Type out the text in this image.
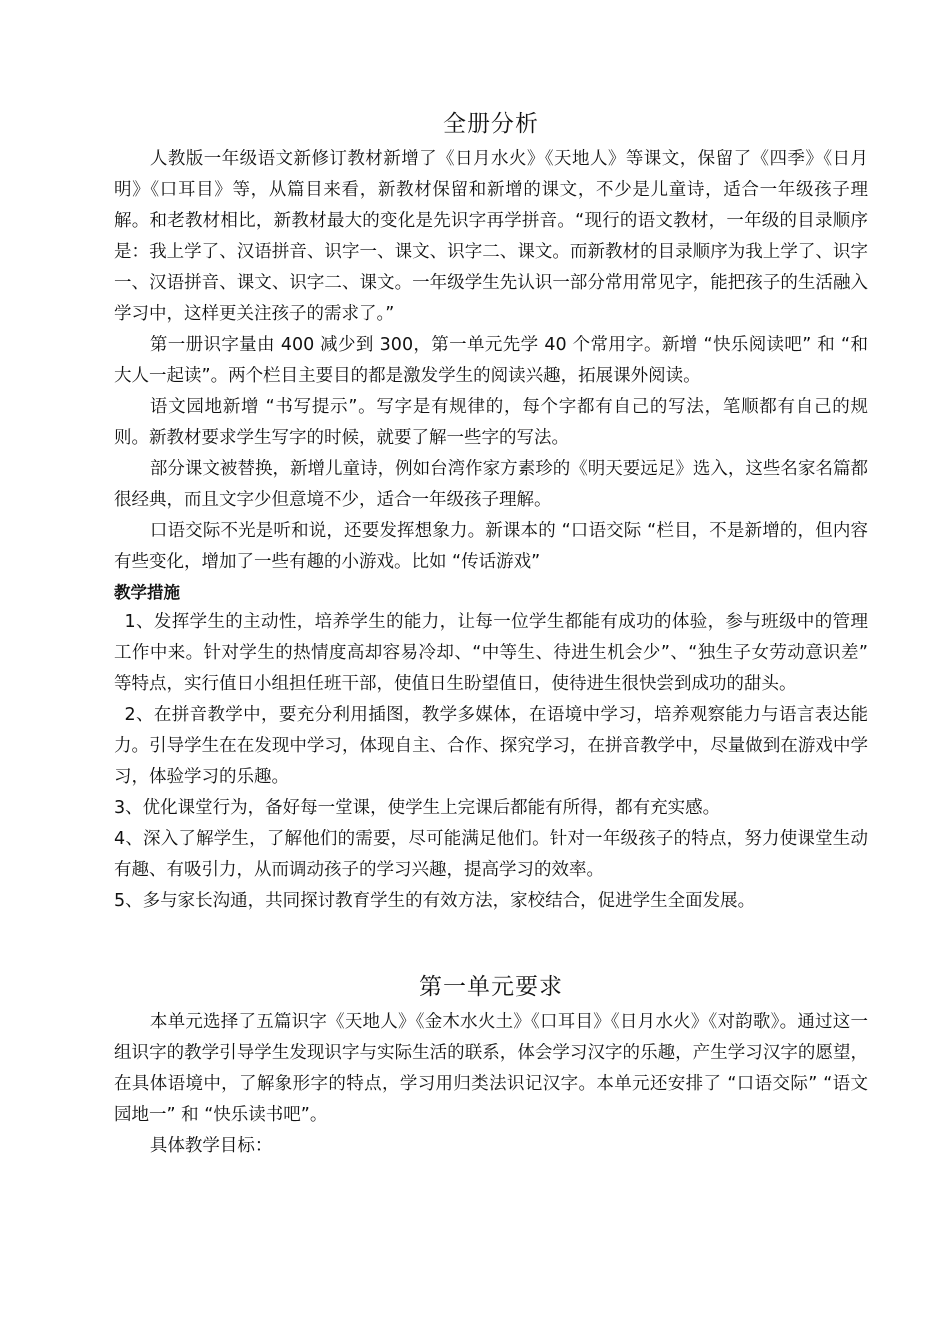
全册分析

人教版一年级语文新修订教材新增了《日月水火》《天地人》等课文，保留了《四季》《日月明》《口耳目》等，从篇目来看，新教材保留和新增的课文，不少是儿童诗，适合一年级孩子理解。和老教材相比，新教材最大的变化是先识字再学拼音。“现行的语文教材，一年级的目录顺序是：我上学了、汉语拼音、识字一、课文、识字二、课文。而新教材的目录顺序为我上学了、识字一、汉语拼音、课文、识字二、课文。一年级学生先认识一部分常用常见字，能把孩子的生活融入学习中，这样更关注孩子的需求了。”

第一册识字量由 400 减少到 300，第一单元先学 40 个常用字。新增 “快乐阅读吧” 和 “和大人一起读”。两个栏目主要目的都是激发学生的阅读兴趣，拓展课外阅读。

语文园地新增 “书写提示”。写字是有规律的，每个字都有自己的写法，笔顺都有自己的规则。新教材要求学生写字的时候，就要了解一些字的写法。

部分课文被替换，新增儿童诗，例如台湾作家方素珍的《明天要远足》选入，这些名家名篇都很经典，而且文字少但意境不少，适合一年级孩子理解。

口语交际不光是听和说，还要发挥想象力。新课本的 “口语交际 “栏目，不是新增的，但内容有些变化，增加了一些有趣的小游戏。比如 “传话游戏”

教学措施

1、发挥学生的主动性，培养学生的能力，让每一位学生都能有成功的体验，参与班级中的管理工作中来。针对学生的热情度高却容易冷却、“中等生、待进生机会少”、“独生子女劳动意识差” 等特点，实行值日小组担任班干部，使值日生盼望值日，使待进生很快尝到成功的甜头。

2、在拼音教学中，要充分利用插图，教学多媒体，在语境中学习，培养观察能力与语言表达能力。引导学生在在发现中学习，体现自主、合作、探究学习，在拼音教学中，尽量做到在游戏中学习，体验学习的乐趣。

3、优化课堂行为，备好每一堂课，使学生上完课后都能有所得，都有充实感。

4、深入了解学生，了解他们的需要，尽可能满足他们。针对一年级孩子的特点，努力使课堂生动有趣、有吸引力，从而调动孩子的学习兴趣，提高学习的效率。

5、多与家长沟通，共同探讨教育学生的有效方法，家校结合，促进学生全面发展。

第一单元要求

本单元选择了五篇识字《天地人》《金木水火土》《口耳目》《日月水火》《对韵歌》。通过这一组识字的教学引导学生发现识字与实际生活的联系，体会学习汉字的乐趣，产生学习汉字的愿望，在具体语境中，了解象形字的特点，学习用归类法识记汉字。本单元还安排了 “口语交际” “语文园地一” 和 “快乐读书吧”。

具体教学目标：
